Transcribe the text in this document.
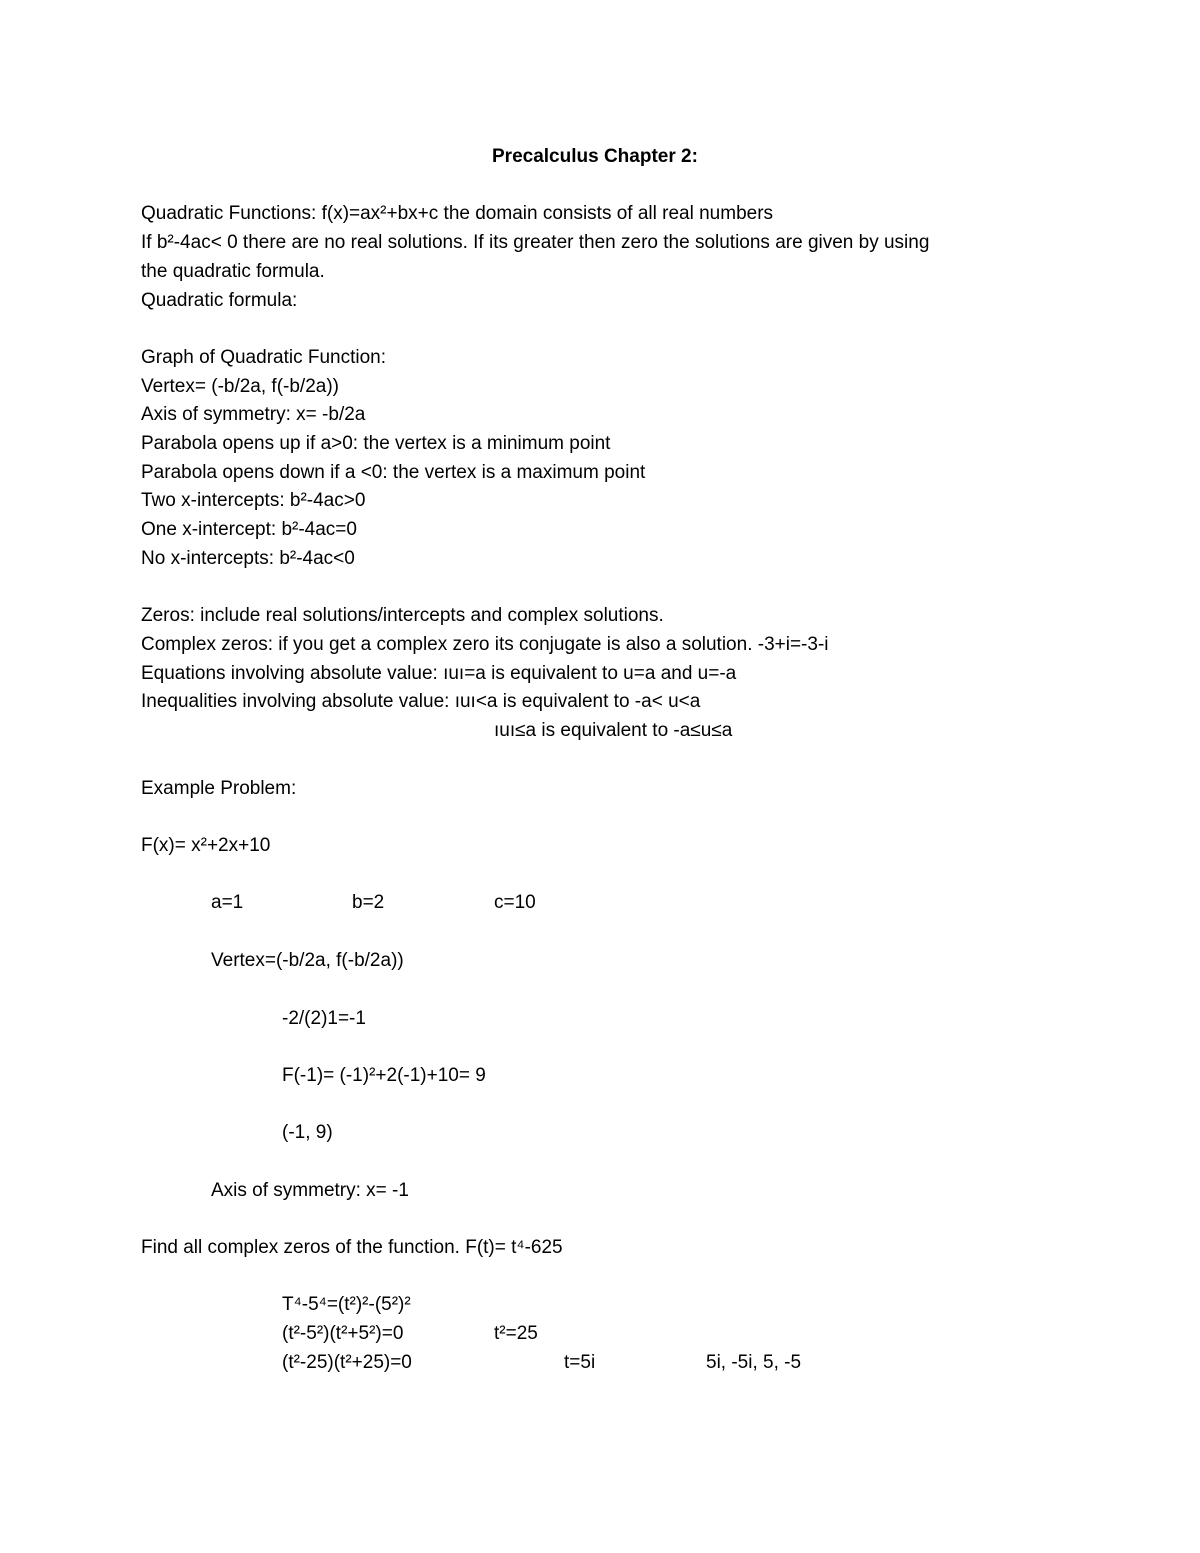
Precalculus Chapter 2:
Quadratic Functions: f(x)=ax²+bx+c the domain consists of all real numbers
If b²-4ac< 0 there are no real solutions. If its greater then zero the solutions are given by using
the quadratic formula.
Quadratic formula:
Graph of Quadratic Function:
Vertex= (-b/2a, f(-b/2a))
Axis of symmetry: x= -b/2a
Parabola opens up if a>0: the vertex is a minimum point
Parabola opens down if a <0: the vertex is a maximum point
Two x-intercepts: b²-4ac>0
One x-intercept: b²-4ac=0
No x-intercepts: b²-4ac<0
Zeros: include real solutions/intercepts and complex solutions.
Complex zeros: if you get a complex zero its conjugate is also a solution. -3+i=-3-i
Equations involving absolute value: ıuı=a is equivalent to u=a and u=-a
Inequalities involving absolute value: ıuı<a is equivalent to -a< u<a
ıuı≤a is equivalent to -a≤u≤a
Example Problem:
F(x)= x²+2x+10
a=1	b=2	c=10
Vertex=(-b/2a, f(-b/2a))
-2/(2)1=-1
F(-1)= (-1)²+2(-1)+10= 9
(-1, 9)
Axis of symmetry: x= -1
Find all complex zeros of the function. F(t)= t⁴-625
T⁴-5⁴=(t²)²-(5²)²
(t²-5²)(t²+5²)=0	t²=25
(t²-25)(t²+25)=0	t=5i	5i, -5i, 5, -5
